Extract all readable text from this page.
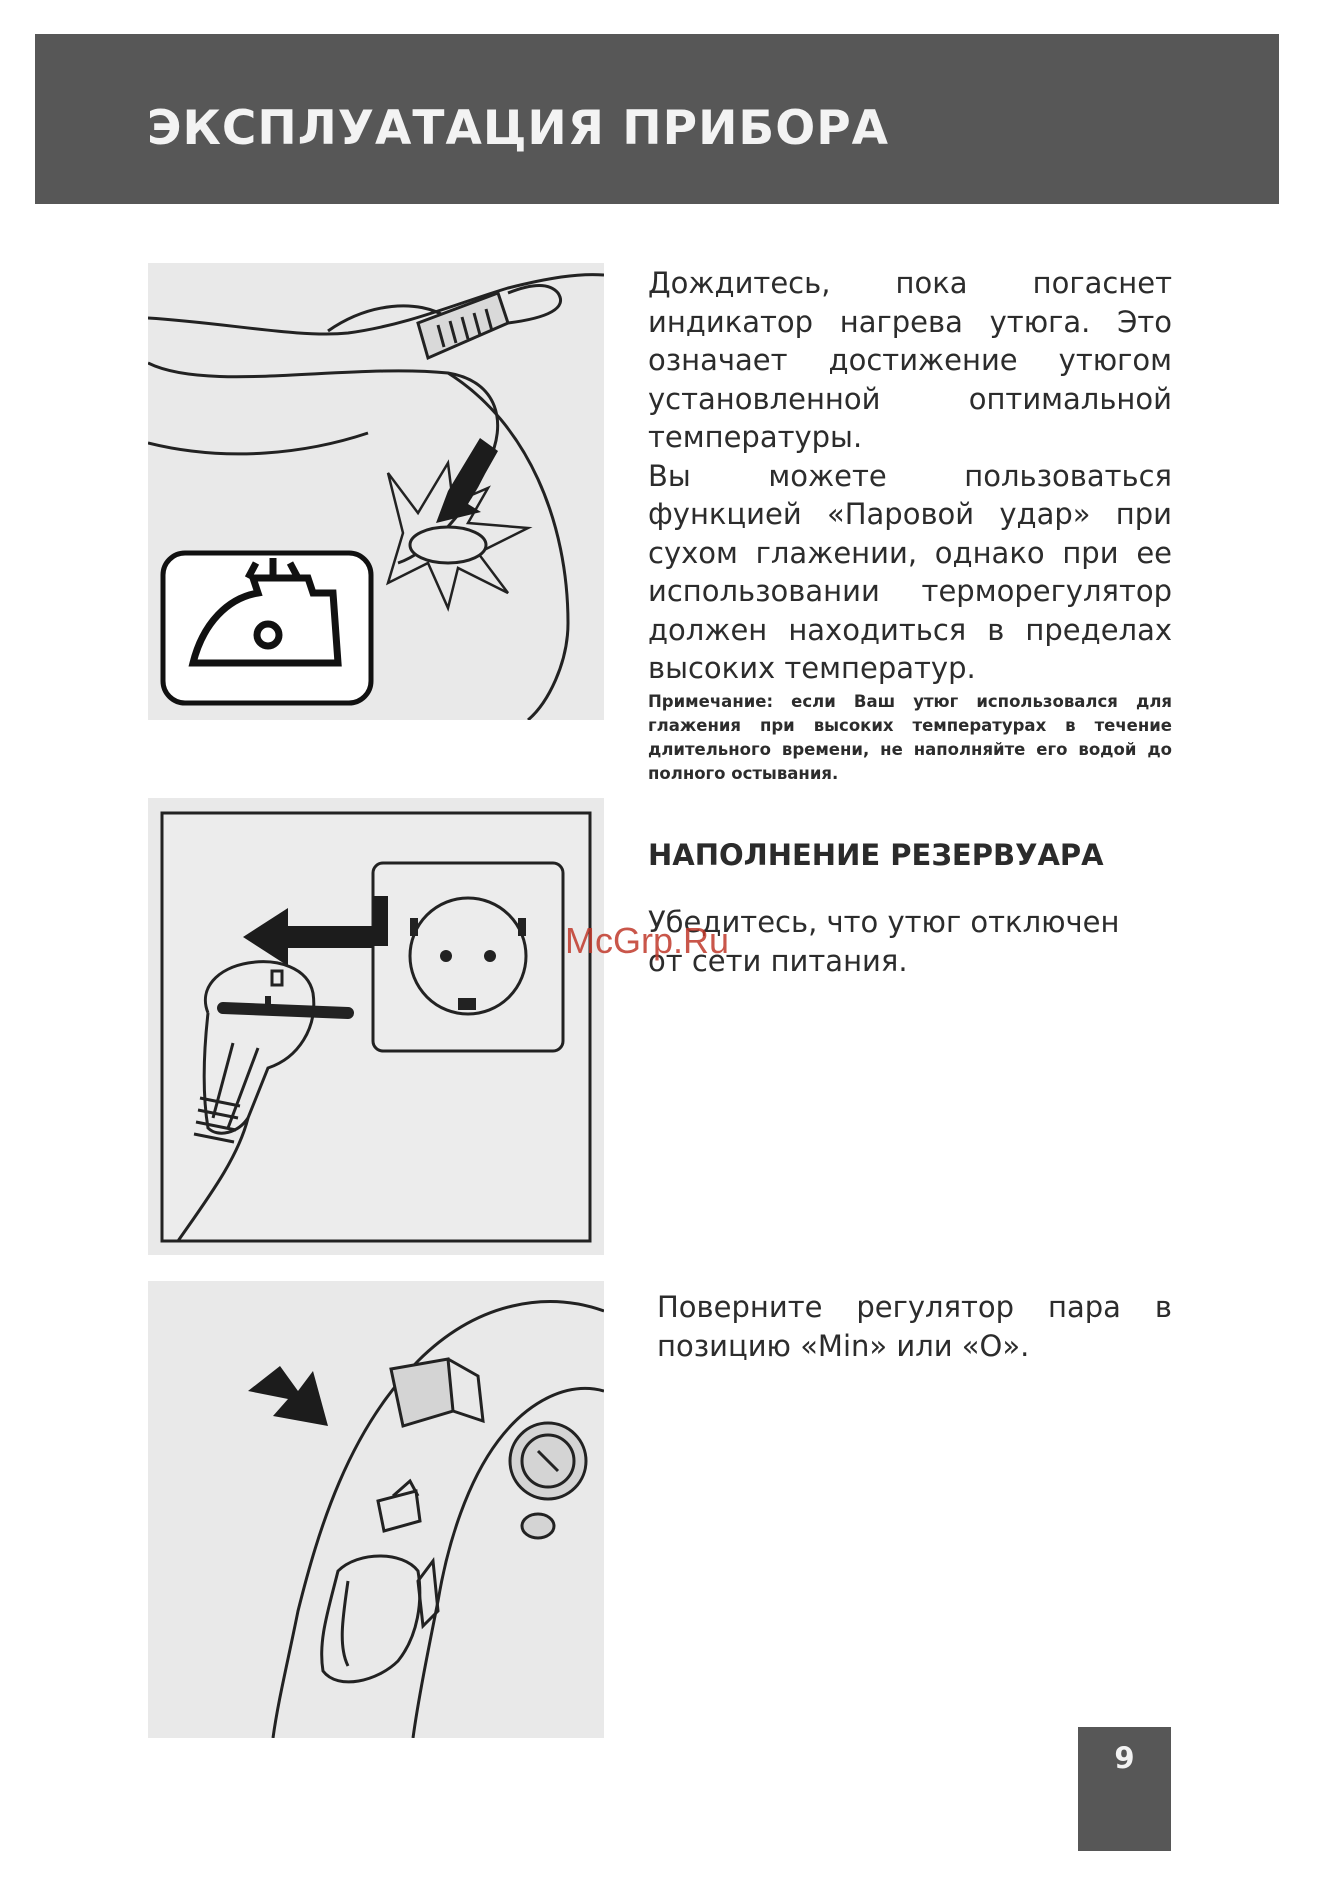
ЭКСПЛУАТАЦИЯ ПРИБОРА

Дождитесь, пока погаснет индикатор нагрева утюга. Это означает достижение утюгом установленной оптимальной температуры.

Вы можете пользоваться функцией «Паровой удар» при сухом глажении, однако при ее использовании терморегулятор должен находиться в пределах высоких температур.

Примечание: если Ваш утюг использовался для глажения при высоких температурах в течение длительного времени, не наполняйте его водой до полного остывания.
НАПОЛНЕНИЕ РЕЗЕРВУАРА
Убедитесь, что утюг отключен от сети питания.
Поверните регулятор пара в позицию «Min» или «O».
McGrp.Ru
9
